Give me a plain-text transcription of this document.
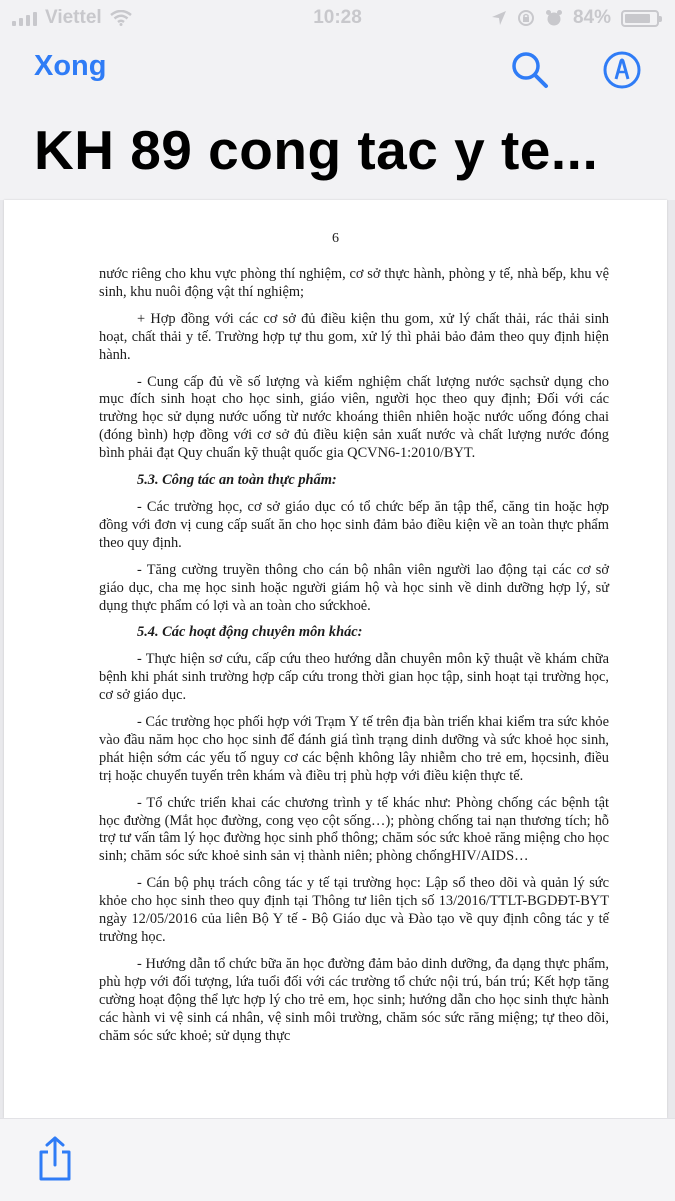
Viettel	10:28	84%
Xong
KH 89 cong tac y te...
6

nước riêng cho khu vực phòng thí nghiệm, cơ sở thực hành, phòng y tế, nhà bếp, khu vệ sinh, khu nuôi động vật thí nghiệm;

+ Hợp đồng với các cơ sở đủ điều kiện thu gom, xử lý chất thải, rác thải sinh hoạt, chất thải y tế. Trường hợp tự thu gom, xử lý thì phải bảo đảm theo quy định hiện hành.

- Cung cấp đủ về số lượng và kiểm nghiệm chất lượng nước sạchsử dụng cho mục đích sinh hoạt cho học sinh, giáo viên, người học theo quy định; Đối với các trường học sử dụng nước uống từ nước khoáng thiên nhiên hoặc nước uống đóng chai (đóng bình) hợp đồng với cơ sở đủ điều kiện sản xuất nước và chất lượng nước đóng bình phải đạt Quy chuẩn kỹ thuật quốc gia QCVN6-1:2010/BYT.

5.3. Công tác an toàn thực phẩm:

- Các trường học, cơ sở giáo dục có tổ chức bếp ăn tập thể, căng tin hoặc hợp đồng với đơn vị cung cấp suất ăn cho học sinh đảm bảo điều kiện về an toàn thực phẩm theo quy định.

- Tăng cường truyền thông cho cán bộ nhân viên người lao động tại các cơ sở giáo dục, cha mẹ học sinh hoặc người giám hộ và học sinh về dinh dưỡng hợp lý, sử dụng thực phẩm có lợi và an toàn cho sứckhoẻ.

5.4. Các hoạt động chuyên môn khác:

- Thực hiện sơ cứu, cấp cứu theo hướng dẫn chuyên môn kỹ thuật về khám chữa bệnh khi phát sinh trường hợp cấp cứu trong thời gian học tập, sinh hoạt tại trường học, cơ sở giáo dục.

- Các trường học phối hợp với Trạm Y tế trên địa bàn triển khai kiểm tra sức khỏe vào đầu năm học cho học sinh để đánh giá tình trạng dinh dưỡng và sức khoẻ học sinh, phát hiện sớm các yếu tố nguy cơ các bệnh không lây nhiễm cho trẻ em, họcsinh, điều trị hoặc chuyển tuyến trên khám và điều trị phù hợp với điều kiện thực tế.

- Tổ chức triển khai các chương trình y tế khác như: Phòng chống các bệnh tật học đường (Mắt học đường, cong vẹo cột sống…); phòng chống tai nạn thương tích; hỗ trợ tư vấn tâm lý học đường học sinh phổ thông; chăm sóc sức khoẻ răng miệng cho học sinh; chăm sóc sức khoẻ sinh sản vị thành niên; phòng chốngHIV/AIDS…

- Cán bộ phụ trách công tác y tế tại trường học: Lập sổ theo dõi và quản lý sức khỏe cho học sinh theo quy định tại Thông tư liên tịch số 13/2016/TTLT-BGDĐT-BYT ngày 12/05/2016 của liên Bộ Y tế - Bộ Giáo dục và Đào tạo về quy định công tác y tế trường học.

- Hướng dẫn tổ chức bữa ăn học đường đảm bảo dinh dưỡng, đa dạng thực phẩm, phù hợp với đối tượng, lứa tuổi đối với các trường tổ chức nội trú, bán trú; Kết hợp tăng cường hoạt động thể lực hợp lý cho trẻ em, học sinh; hướng dẫn cho học sinh thực hành các hành vi vệ sinh cá nhân, vệ sinh môi trường, chăm sóc sức răng miệng; tự theo dõi, chăm sóc sức khoẻ; sử dụng thực
